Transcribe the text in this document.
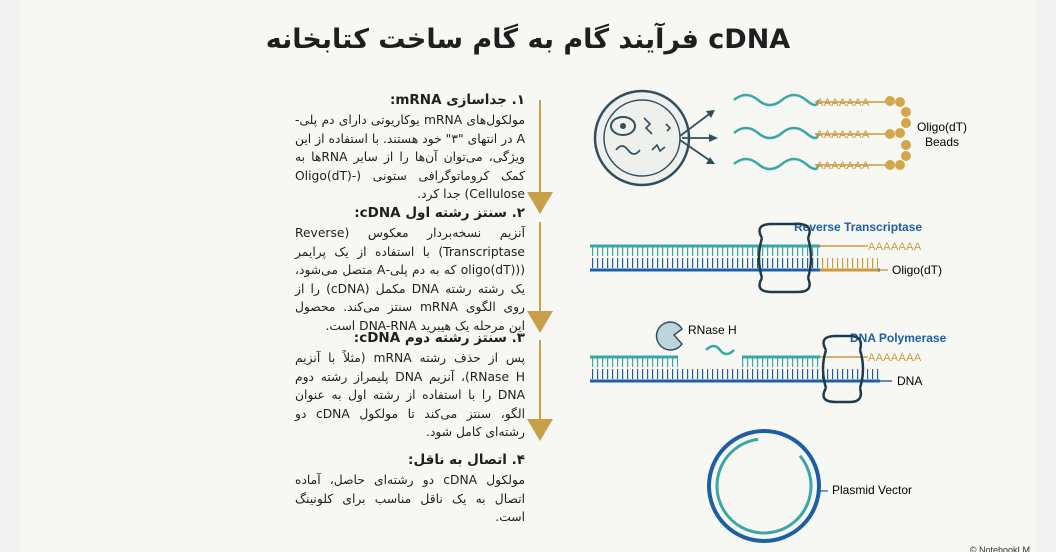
فرآیند گام به گام ساخت کتابخانه cDNA
۱. جداسازی mRNA:

مولکول‌های mRNA یوکاریوتی دارای دم پلی-A در انتهای "۳" خود هستند. با استفاده از این ویژگی، می‌توان آن‌ها را از سایر RNAها به کمک کروماتوگرافی ستونی (Oligo(dT)-Cellulose) جدا کرد.

۲. سنتز رشته اول cDNA:

آنزیم نسخه‌بردار معکوس (Reverse Transcriptase) با استفاده از یک پرایمر ((oligo(dT) که به دم پلی-A متصل می‌شود، یک رشته رشته DNA مکمل (cDNA) را از روی الگوی mRNA سنتز می‌کند. محصول این مرحله یک هیبرید DNA-RNA است.

۳. سنتز رشته دوم cDNA:

پس از حذف رشته mRNA (مثلاً با آنزیم RNase H)، آنزیم DNA پلیمراز رشته دوم DNA را با استفاده از رشته اول به عنوان الگو، سنتز می‌کند تا مولکول cDNA دو رشته‌ای کامل شود.

۴. اتصال به ناقل:

مولکول cDNA دو رشته‌ای حاصل، آماده اتصال به یک ناقل مناسب برای کلونینگ است.

AAAAAAA
AAAAAAA
AAAAAAA
Oligo(dT)
Beads
Reverse Transcriptase
AAAAAAA
Oligo(dT)
RNase H
DNA Polymerase
AAAAAAA
DNA
Plasmid Vector
© NotebookLM
